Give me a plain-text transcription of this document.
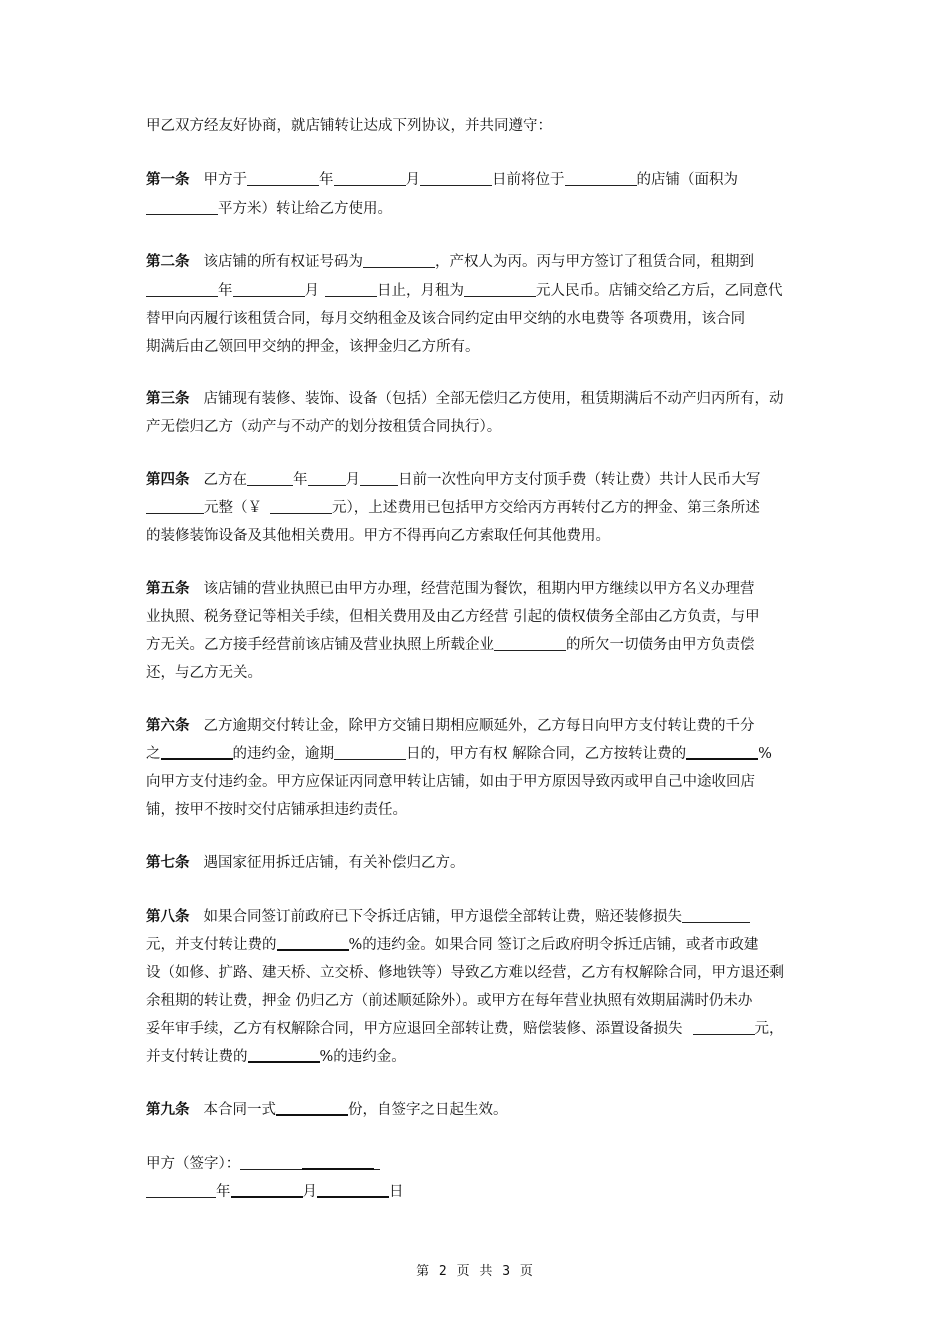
甲乙双方经友好协商，就店铺转让达成下列协议，并共同遵守：

第一条 甲方于	年	月	日前将位于	的店铺（面积为

平方米）转让给乙方使用。

第二条 该店铺的所有权证号码为	，产权人为丙。丙与甲方签订了租赁合同，租期到

年	月	日止，月租为	元人民币。店铺交给乙方后，乙同意代

替甲向丙履行该租赁合同，每月交纳租金及该合同约定由甲交纳的水电费等 各项费用，该合同

期满后由乙领回甲交纳的押金，该押金归乙方所有。

第三条 店铺现有装修、装饰、设备（包括）全部无偿归乙方使用，租赁期满后不动产归丙所有，动

产无偿归乙方（动产与不动产的划分按租赁合同执行）。

第四条 乙方在	年	月	日前一次性向甲方支付顶手费（转让费）共计人民币大写

元整（￥	元），上述费用已包括甲方交给丙方再转付乙方的押金、第三条所述

的装修装饰设备及其他相关费用。甲方不得再向乙方索取任何其他费用。

第五条 该店铺的营业执照已由甲方办理，经营范围为餐饮，租期内甲方继续以甲方名义办理营

业执照、税务登记等相关手续，但相关费用及由乙方经营 引起的债权债务全部由乙方负责，与甲

方无关。乙方接手经营前该店铺及营业执照上所载企业	的所欠一切债务由甲方负责偿

还，与乙方无关。

第六条 乙方逾期交付转让金，除甲方交铺日期相应顺延外，乙方每日向甲方支付转让费的千分

之	的违约金，逾期	日的，甲方有权 解除合同，乙方按转让费的	%

向甲方支付违约金。甲方应保证丙同意甲转让店铺，如由于甲方原因导致丙或甲自己中途收回店

铺，按甲不按时交付店铺承担违约责任。

第七条 遇国家征用拆迁店铺，有关补偿归乙方。

第八条 如果合同签订前政府已下令拆迁店铺，甲方退偿全部转让费，赔还装修损失

元，并支付转让费的	%的违约金。如果合同 签订之后政府明令拆迁店铺，或者市政建

设（如修、扩路、建天桥、立交桥、修地铁等）导致乙方难以经营，乙方有权解除合同，甲方退还剩

余租期的转让费，押金 仍归乙方（前述顺延除外）。或甲方在每年营业执照有效期届满时仍未办

妥年审手续，乙方有权解除合同，甲方应退回全部转让费，赔偿装修、添置设备损失	元，

并支付转让费的	%的违约金。

第九条 本合同一式	份，自签字之日起生效。

甲方（签字）：

年	月	日

第 2 页 共 3 页
